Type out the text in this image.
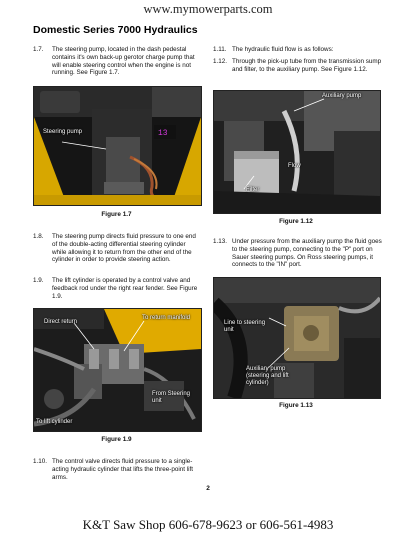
www.mymowerparts.com
Domestic Series 7000 Hydraulics
1.7. The steering pump, located in the dash pedestal contains it's own back-up gerotor charge pump that will enable steering control when the engine is not running. See Figure 1.7.
13
Steering pump
Figure 1.7
1.8. The steering pump directs fluid pressure to one end of the double-acting differential steering cylinder while allowing it to return from the other end of the cylinder in order to provide steering action.
1.9. The lift cylinder is operated by a control valve and feedback rod under the right rear fender. See Figure 1.9.
Direct return
To return manifold
From Steering unit
To lift cylinder
Figure 1.9
1.10. The control valve directs fluid pressure to a single-acting hydraulic cylinder that lifts the three-point lift arms.
1.11. The hydraulic fluid flow is as follows:
1.12. Through the pick-up tube from the transmission sump and filter, to the auxiliary pump. See Figure 1.12.
Auxiliary pump
Flow
Filter
Figure 1.12
1.13. Under pressure from the auxiliary pump the fluid goes to the steering pump, connecting to the "P" port on Sauer steering pumps. On Ross steering pumps, it connects to the "IN" port.
Line to steering unit
Auxiliary pump (steering and lift cylinder)
Figure 1.13
2
K&T Saw Shop 606-678-9623 or 606-561-4983
